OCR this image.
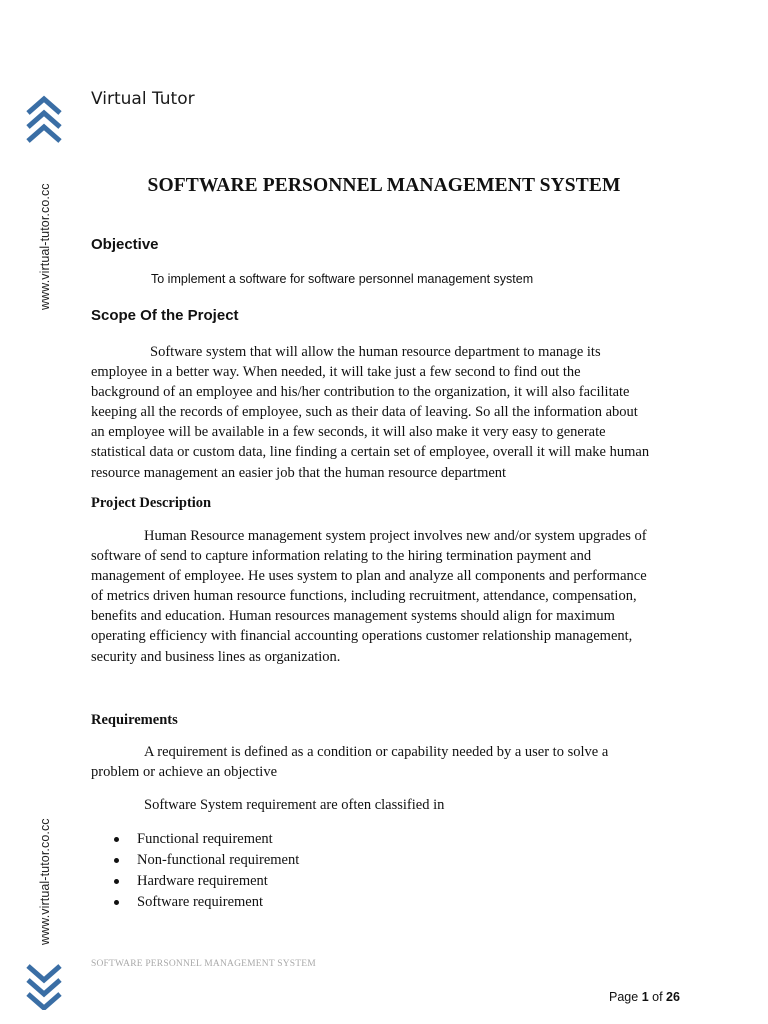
www.virtual-tutor.co.cc
www.virtual-tutor.co.cc
Virtual Tutor
SOFTWARE PERSONNEL MANAGEMENT SYSTEM
Objective
To implement a software for software personnel management system
Scope Of the Project
Software system that will allow the human resource department to manage its
employee in a better way. When needed, it will take just a few second to find out the
background of an employee and his/her contribution to the organization, it will also facilitate
keeping all the records of employee, such as their data of leaving. So all the information about
an employee will be available in a few seconds, it will also make it very easy to generate
statistical data or custom data, line finding a certain set of employee, overall it will make human
resource management an easier job that the human resource department
Project Description
Human Resource management system project involves new and/or system upgrades of
software of send to capture information relating to the hiring termination payment and
management of employee. He uses system to plan and analyze all components and performance
of metrics driven human resource functions, including recruitment, attendance, compensation,
benefits and education. Human resources management systems should align for maximum
operating efficiency with financial accounting operations customer relationship management,
security and business lines as organization.
Requirements
A requirement is defined as a condition or capability needed by a user to solve a
problem or achieve an objective
Software System requirement are often classified in
Functional requirement
Non-functional requirement
Hardware requirement
Software requirement
SOFTWARE PERSONNEL MANAGEMENT SYSTEM
Page 1 of 26
